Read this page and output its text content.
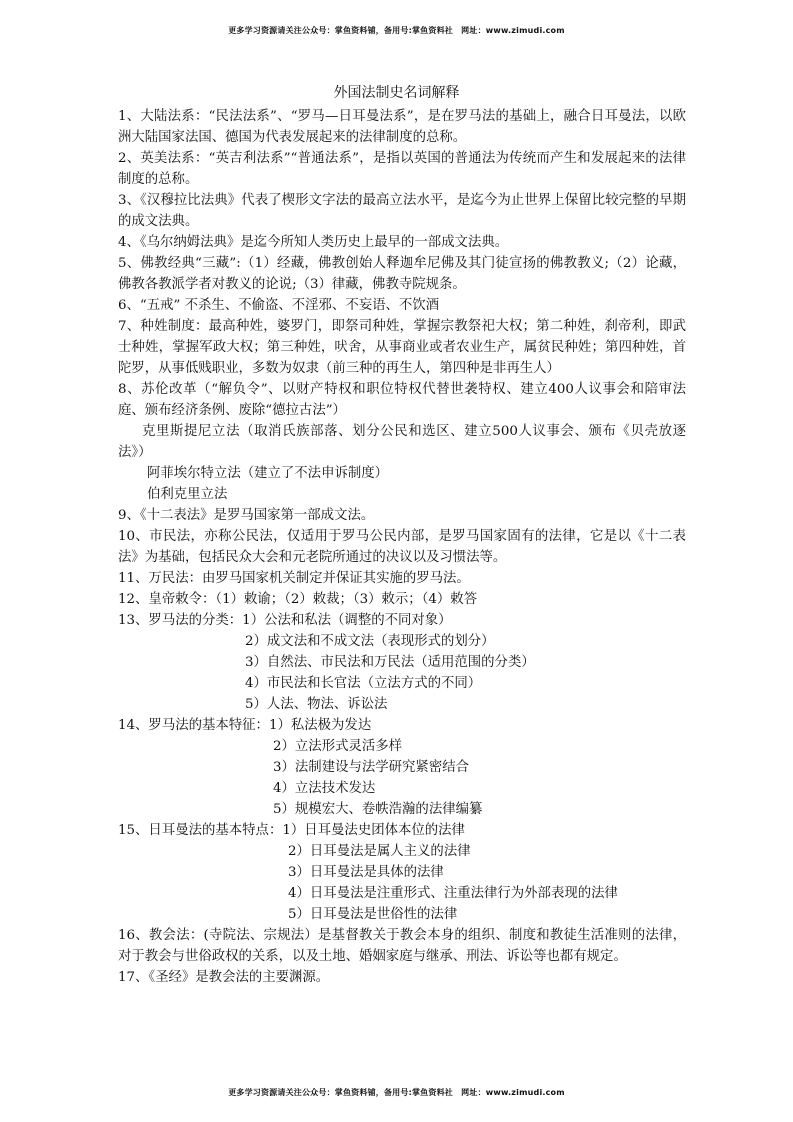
更多学习资源请关注公众号：掌鱼资料铺，备用号:掌鱼资料社　网址：www.zimudi.com
外国法制史名词解释

1、大陆法系：“民法法系”、“罗马—日耳曼法系”，是在罗马法的基础上，融合日耳曼法，以欧洲大陆国家法国、德国为代表发展起来的法律制度的总称。

2、英美法系：“英吉利法系”“普通法系”，是指以英国的普通法为传统而产生和发展起来的法律制度的总称。

3、《汉穆拉比法典》代表了楔形文字法的最高立法水平，是迄今为止世界上保留比较完整的早期的成文法典。

4、《乌尔纳姆法典》是迄今所知人类历史上最早的一部成文法典。

5、佛教经典“三藏”:（1）经藏，佛教创始人释迦牟尼佛及其门徒宣扬的佛教教义;（2）论藏，佛教各教派学者对教义的论说;（3）律藏，佛教寺院规条。

6、“五戒” 不杀生、不偷盗、不淫邪、不妄语、不饮酒

7、种姓制度：最高种姓，婆罗门，即祭司种姓，掌握宗教祭祀大权；第二种姓，刹帝利，即武士种姓，掌握军政大权；第三种姓，吠舍，从事商业或者农业生产，属贫民种姓；第四种姓，首陀罗，从事低贱职业，多数为奴隶（前三种的再生人，第四种是非再生人）

8、苏伦改革（“解负令”、以财产特权和职位特权代替世袭特权、建立400人议事会和陪审法庭、颁布经济条例、废除“德拉古法”）

克里斯提尼立法（取消氏族部落、划分公民和选区、建立500人议事会、颁布《贝壳放逐法》）

阿菲埃尔特立法（建立了不法申诉制度）

伯利克里立法

9、《十二表法》是罗马国家第一部成文法。

10、市民法，亦称公民法，仅适用于罗马公民内部，是罗马国家固有的法律，它是以《十二表法》为基础，包括民众大会和元老院所通过的决议以及习惯法等。

11、万民法：由罗马国家机关制定并保证其实施的罗马法。

12、皇帝敕令：（1）敕谕；（2）敕裁；（3）敕示；（4）敕答

13、罗马法的分类：1）公法和私法（调整的不同对象）

2）成文法和不成文法（表现形式的划分）

3）自然法、市民法和万民法（适用范围的分类）

4）市民法和长官法（立法方式的不同）

5）人法、物法、诉讼法

14、罗马法的基本特征：1）私法极为发达

2）立法形式灵活多样

3）法制建设与法学研究紧密结合

4）立法技术发达

5）规模宏大、卷帙浩瀚的法律编纂

15、日耳曼法的基本特点：1）日耳曼法史团体本位的法律

2）日耳曼法是属人主义的法律

3）日耳曼法是具体的法律

4）日耳曼法是注重形式、注重法律行为外部表现的法律

5）日耳曼法是世俗性的法律

16、教会法：(寺院法、宗规法）是基督教关于教会本身的组织、制度和教徒生活准则的法律，对于教会与世俗政权的关系，以及土地、婚姻家庭与继承、刑法、诉讼等也都有规定。

17、《圣经》是教会法的主要渊源。

更多学习资源请关注公众号：掌鱼资料铺，备用号:掌鱼资料社　网址：www.zimudi.com
